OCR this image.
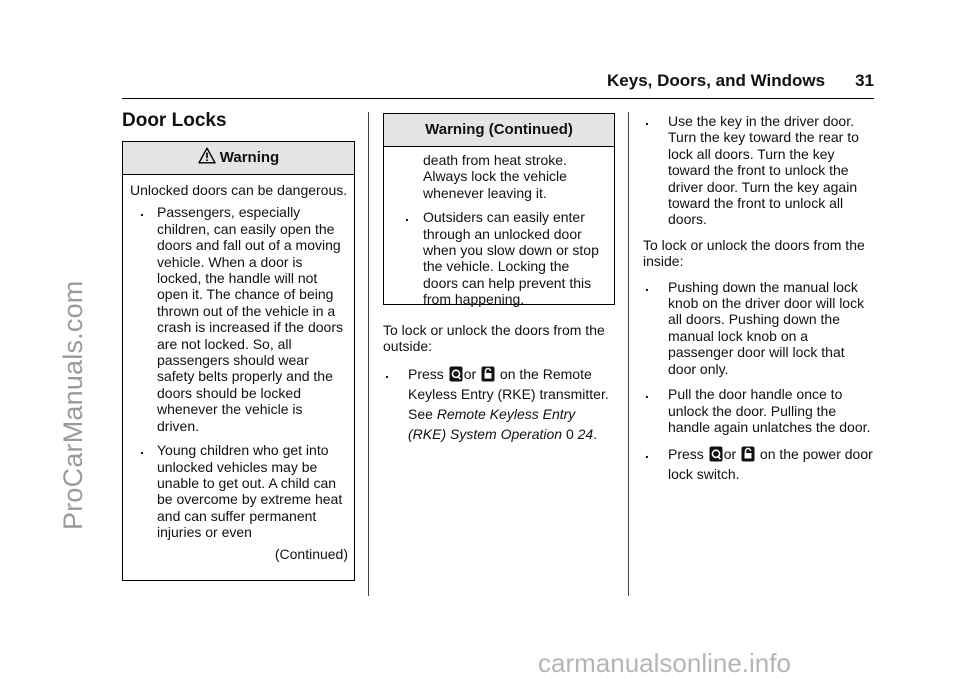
ProCarManuals.com
carmanualsonline.info
Keys, Doors, and Windows 31
Door Locks
Warning

Unlocked doors can be dangerous.

. Passengers, especially children, can easily open the doors and fall out of a moving vehicle. When a door is locked, the handle will not open it. The chance of being thrown out of the vehicle in a crash is increased if the doors are not locked. So, all passengers should wear safety belts properly and the doors should be locked whenever the vehicle is driven.
. Young children who get into unlocked vehicles may be unable to get out. A child can be overcome by extreme heat and can suffer permanent injuries or even

(Continued)

Warning (Continued)

death from heat stroke. Always lock the vehicle whenever leaving it.

. Outsiders can easily enter through an unlocked door when you slow down or stop the vehicle. Locking the doors can help prevent this from happening.

To lock or unlock the doors from the outside:

. Press or on the Remote Keyless Entry (RKE) transmitter. See Remote Keyless Entry (RKE) System Operation 0 24.
. Use the key in the driver door. Turn the key toward the rear to lock all doors. Turn the key toward the front to unlock the driver door. Turn the key again toward the front to unlock all doors.

To lock or unlock the doors from the inside:

. Pushing down the manual lock knob on the driver door will lock all doors. Pushing down the manual lock knob on a passenger door will lock that door only.
. Pull the door handle once to unlock the door. Pulling the handle again unlatches the door.
. Press or on the power door lock switch.
